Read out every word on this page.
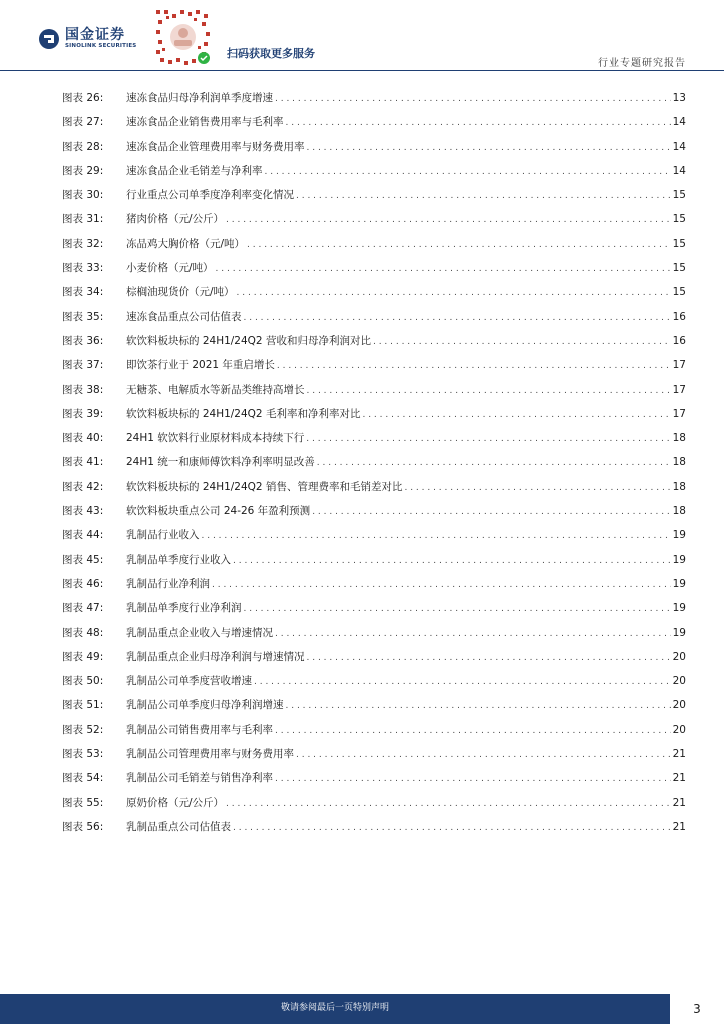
国金证券
SINOLINK SECURITIES
扫码获取更多服务
行业专题研究报告
图表 26:	速冻食品归母净利润单季度增速 . . .	13
图表 27:	速冻食品企业销售费用率与毛利率 . . .	14
图表 28:	速冻食品企业管理费用率与财务费用率 . . .	14
图表 29:	速冻食品企业毛销差与净利率 . . .	14
图表 30:	行业重点公司单季度净利率变化情况 . . .	15
图表 31:	猪肉价格（元/公斤） . . .	15
图表 32:	冻品鸡大胸价格（元/吨） . . .	15
图表 33:	小麦价格（元/吨） . . .	15
图表 34:	棕榈油现货价（元/吨） . . .	15
图表 35:	速冻食品重点公司估值表 . . .	16
图表 36:	软饮料板块标的 24H1/24Q2 营收和归母净利润对比 . . .	16
图表 37:	即饮茶行业于 2021 年重启增长 . . .	17
图表 38:	无糖茶、电解质水等新品类维持高增长 . . .	17
图表 39:	软饮料板块标的 24H1/24Q2 毛利率和净利率对比 . . .	17
图表 40:	24H1 软饮料行业原材料成本持续下行 . . .	18
图表 41:	24H1 统一和康师傅饮料净利率明显改善 . . .	18
图表 42:	软饮料板块标的 24H1/24Q2 销售、管理费率和毛销差对比 . . .	18
图表 43:	软饮料板块重点公司 24-26 年盈利预测 . . .	18
图表 44:	乳制品行业收入 . . .	19
图表 45:	乳制品单季度行业收入 . . .	19
图表 46:	乳制品行业净利润 . . .	19
图表 47:	乳制品单季度行业净利润 . . .	19
图表 48:	乳制品重点企业收入与增速情况 . . .	19
图表 49:	乳制品重点企业归母净利润与增速情况 . . .	20
图表 50:	乳制品公司单季度营收增速 . . .	20
图表 51:	乳制品公司单季度归母净利润增速 . . .	20
图表 52:	乳制品公司销售费用率与毛利率 . . .	20
图表 53:	乳制品公司管理费用率与财务费用率 . . .	21
图表 54:	乳制品公司毛销差与销售净利率 . . .	21
图表 55:	原奶价格（元/公斤） . . .	21
图表 56:	乳制品重点公司估值表 . . .	21
敬请参阅最后一页特别声明	3
